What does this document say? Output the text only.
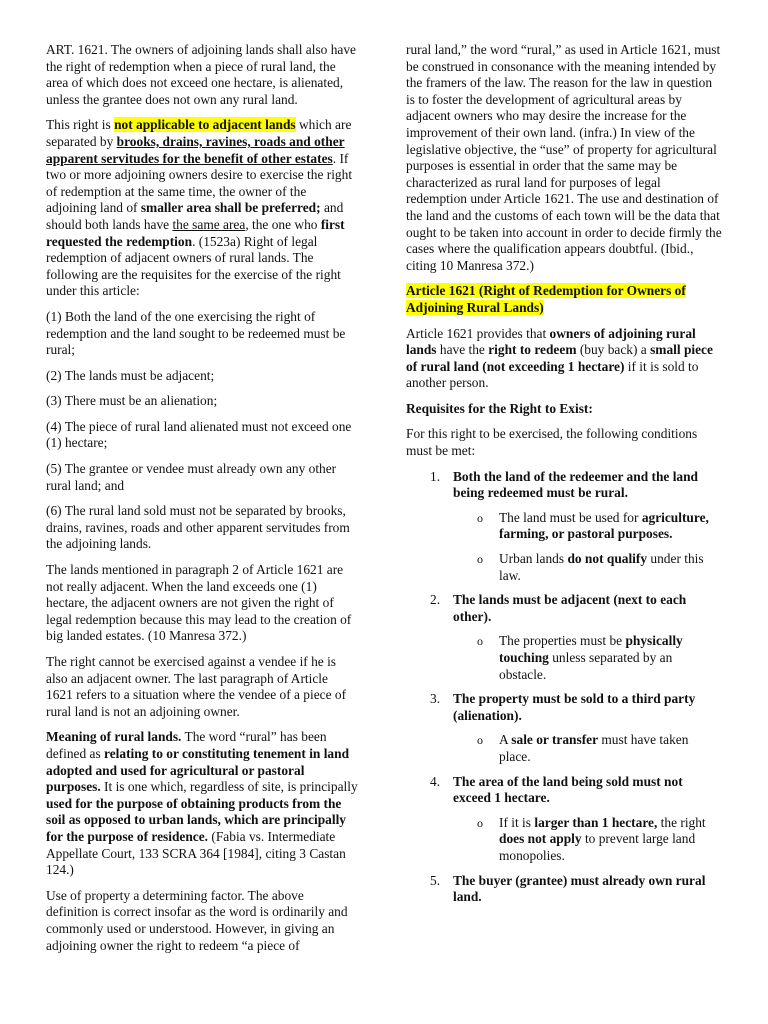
ART. 1621. The owners of adjoining lands shall also have the right of redemption when a piece of rural land, the area of which does not exceed one hectare, is alienated, unless the grantee does not own any rural land.

This right is not applicable to adjacent lands which are separated by brooks, drains, ravines, roads and other apparent servitudes for the benefit of other estates. If two or more adjoining owners desire to exercise the right of redemption at the same time, the owner of the adjoining land of smaller area shall be preferred; and should both lands have the same area, the one who first requested the redemption. (1523a) Right of legal redemption of adjacent owners of rural lands. The following are the requisites for the exercise of the right under this article:

(1) Both the land of the one exercising the right of redemption and the land sought to be redeemed must be rural;

(2) The lands must be adjacent;

(3) There must be an alienation;

(4) The piece of rural land alienated must not exceed one (1) hectare;

(5) The grantee or vendee must already own any other rural land; and

(6) The rural land sold must not be separated by brooks, drains, ravines, roads and other apparent servitudes from the adjoining lands.

The lands mentioned in paragraph 2 of Article 1621 are not really adjacent. When the land exceeds one (1) hectare, the adjacent owners are not given the right of legal redemption because this may lead to the creation of big landed estates. (10 Manresa 372.)

The right cannot be exercised against a vendee if he is also an adjacent owner. The last paragraph of Article 1621 refers to a situation where the vendee of a piece of rural land is not an adjoining owner.

Meaning of rural lands. The word “rural” has been defined as relating to or constituting tenement in land adopted and used for agricultural or pastoral purposes. It is one which, regardless of site, is principally used for the purpose of obtaining products from the soil as opposed to urban lands, which are principally for the purpose of residence. (Fabia vs. Intermediate Appellate Court, 133 SCRA 364 [1984], citing 3 Castan 124.)

Use of property a determining factor. The above definition is correct insofar as the word is ordinarily and commonly used or understood. However, in giving an adjoining owner the right to redeem “a piece of

rural land,” the word “rural,” as used in Article 1621, must be construed in consonance with the meaning intended by the framers of the law. The reason for the law in question is to foster the development of agricultural areas by adjacent owners who may desire the increase for the improvement of their own land. (infra.) In view of the legislative objective, the “use” of property for agricultural purposes is essential in order that the same may be characterized as rural land for purposes of legal redemption under Article 1621. The use and destination of the land and the customs of each town will be the data that ought to be taken into account in order to decide firmly the cases where the qualification appears doubtful. (Ibid., citing 10 Manresa 372.)

Article 1621 (Right of Redemption for Owners of Adjoining Rural Lands)

Article 1621 provides that owners of adjoining rural lands have the right to redeem (buy back) a small piece of rural land (not exceeding 1 hectare) if it is sold to another person.

Requisites for the Right to Exist:

For this right to be exercised, the following conditions must be met:

1. Both the land of the redeemer and the land being redeemed must be rural.
o The land must be used for agriculture, farming, or pastoral purposes.
o Urban lands do not qualify under this law.
2. The lands must be adjacent (next to each other).
o The properties must be physically touching unless separated by an obstacle.
3. The property must be sold to a third party (alienation).
o A sale or transfer must have taken place.
4. The area of the land being sold must not exceed 1 hectare.
o If it is larger than 1 hectare, the right does not apply to prevent large land monopolies.
5. The buyer (grantee) must already own rural land.
